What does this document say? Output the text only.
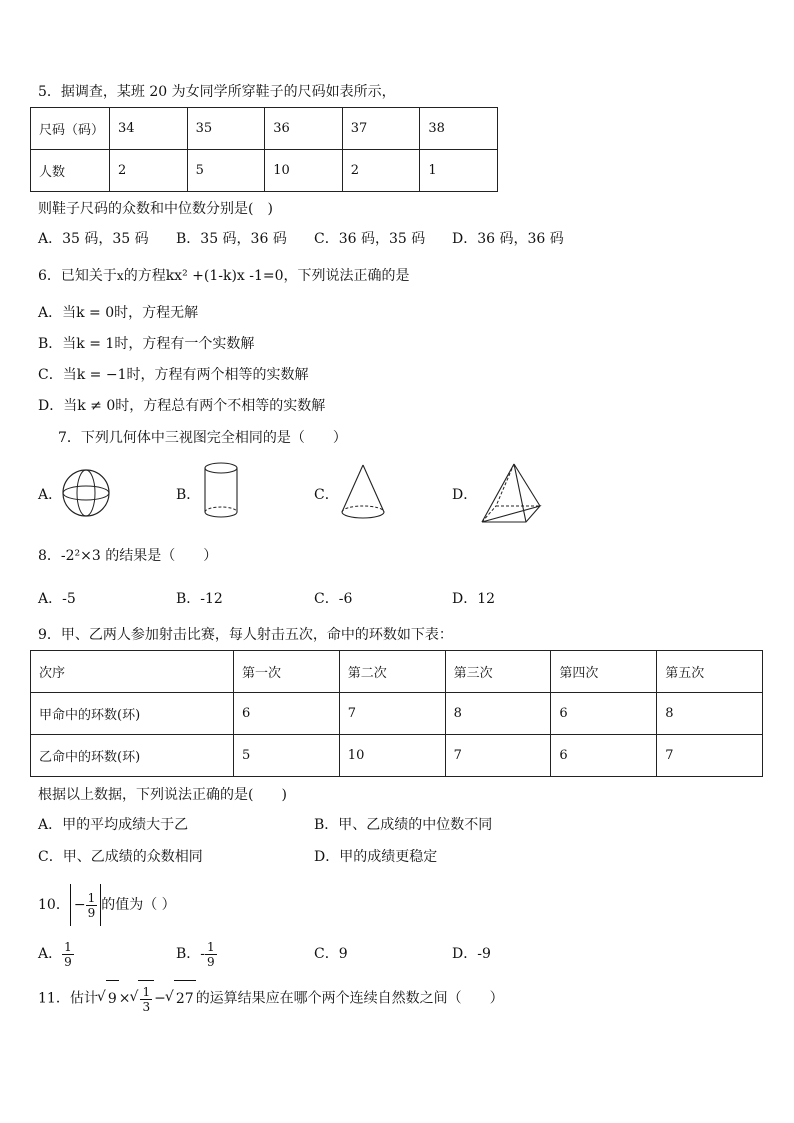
5．据调查，某班 20 为女同学所穿鞋子的尺码如表所示，
尺码（码）	34	35	36	37	38
人数	2	5	10	2	1
则鞋子尺码的众数和中位数分别是(　)
A．35 码，35 码 B．35 码，36 码 C．36 码，35 码 D．36 码，36 码
6．已知关于x的方程kx² +(1-k)x -1=0，下列说法正确的是
A．当k = 0时，方程无解
B．当k = 1时，方程有一个实数解
C．当k = −1时，方程有两个相等的实数解
D．当k ≠ 0时，方程总有两个不相等的实数解
7．下列几何体中三视图完全相同的是（　　）
A．	B．	C．	D．
8．-2²×3 的结果是（　　）
A．-5	B．-12	C．-6	D．12
9．甲、乙两人参加射击比赛，每人射击五次，命中的环数如下表：
次序	第一次	第二次	第三次	第四次	第五次
甲命中的环数(环)	6	7	8	6	8
乙命中的环数(环)	5	10	7	6	7
根据以上数据，下列说法正确的是(　　)
A．甲的平均成绩大于乙	B．甲、乙成绩的中位数不同
C．甲、乙成绩的众数相同	D．甲的成绩更稳定
10． − $\frac{1}{9}$ 的值为（ ）
A． $\frac{1}{9}$	B．- $\frac{1}{9}$	C．9	D．-9
11．估计 √ 9 × √ $\frac{1}{3}$ − √ 27 的运算结果应在哪个两个连续自然数之间（　　）
